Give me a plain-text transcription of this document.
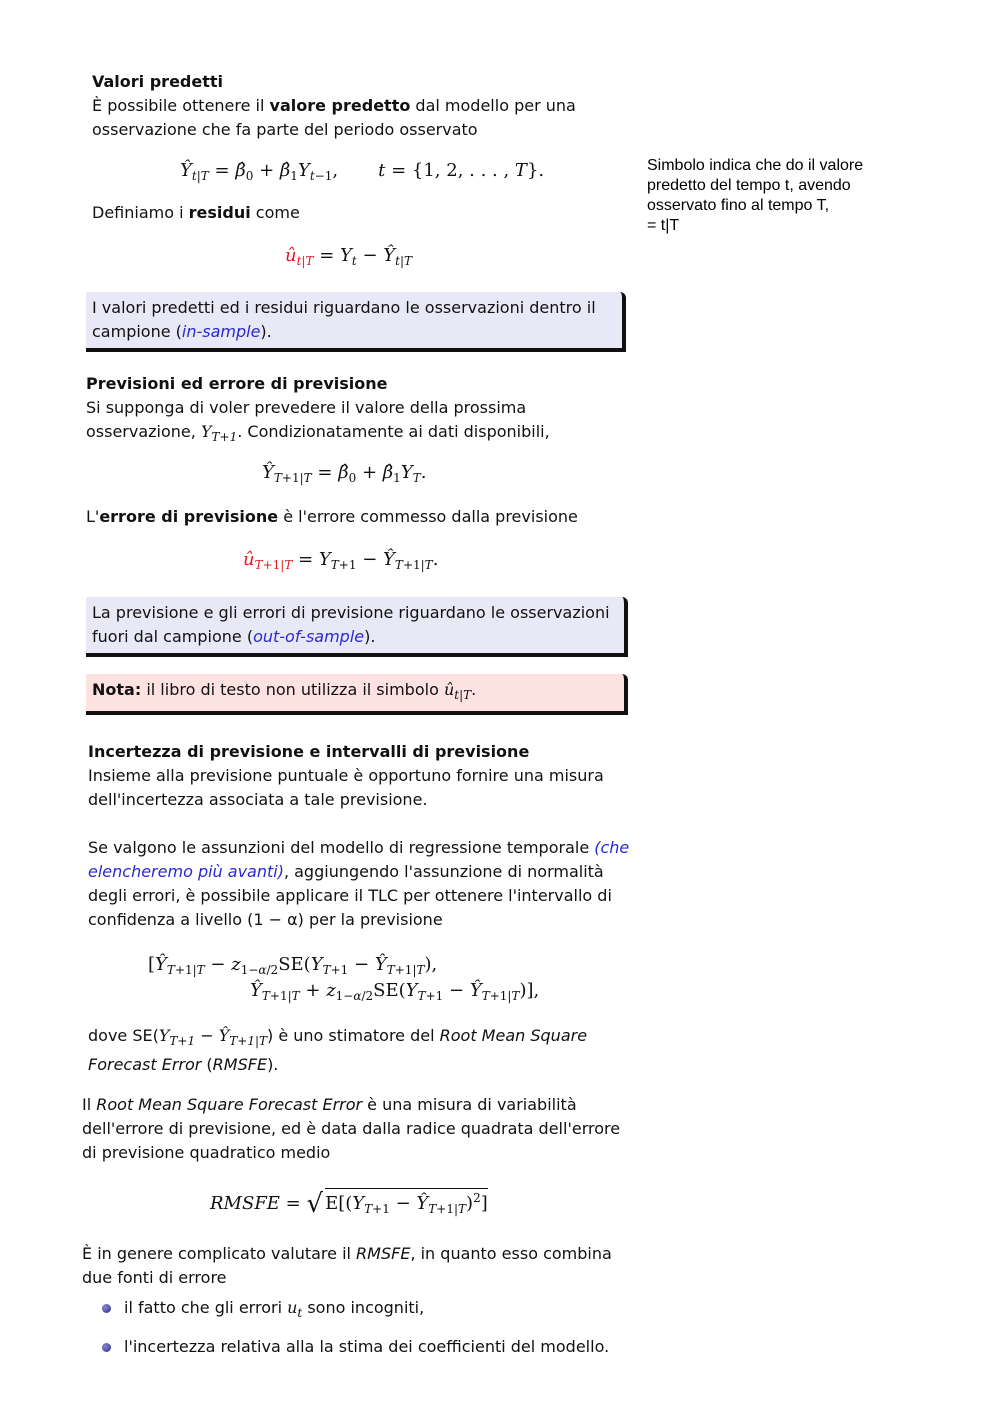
Valori predetti

È possibile ottenere il valore predetto dal modello per una osservazione che fa parte del periodo osservato

$Ŷ_{t|T}$ = $\betâ_0$ + $\betâ_1Y_{t-1}$,       t = {1, 2, . . . , T}.

Definiamo i residui come

$û_{t|T} = Y_t$ − $Ŷ_{t|T}$
I valori predetti ed i residui riguardano le osservazioni dentro il campione (in-sample).
Simbolo indica che do il valore
predetto del tempo t, avendo
osservato fino al tempo T,
= t|T

Previsioni ed errore di previsione

Si supponga di voler prevedere il valore della prossima osservazione, $Y_{T+1}$. Condizionatamente ai dati disponibili,

$Ŷ_{T+1|T}$ = $\betâ_0$ + $\betâ_1Y_T$.

L'errore di previsione è l'errore commesso dalla previsione

$û_{T+1|T} = Y_{T+1}$ − $Ŷ_{T+1|T}$.
La previsione e gli errori di previsione riguardano le osservazioni fuori dal campione (out-of-sample).
Nota: il libro di testo non utilizza il simbolo $û_{t|T}$.

Incertezza di previsione e intervalli di previsione

Insieme alla previsione puntuale è opportuno fornire una misura dell'incertezza associata a tale previsione.

Se valgono le assunzioni del modello di regressione temporale (che elencheremo più avanti), aggiungendo l'assunzione di normalità degli errori, è possibile applicare il TLC per ottenere l'intervallo di confidenza a livello (1 − α) per la previsione

[$Ŷ_{T+1|T} - z_{1-\alpha/2}SE(Y_{T+1}$ − $Ŷ_{T+1|T}$),
$Ŷ_{T+1|T} + z_{1-\alpha/2}SE(Y_{T+1}$ − $Ŷ_{T+1|T}$)],

dove $SE(Y_{T+1}$ − $Ŷ_{T+1|T}$) è uno stimatore del Root Mean Square Forecast Error (RMSFE).

Il Root Mean Square Forecast Error è una misura di variabilità dell'errore di previsione, ed è data dalla radice quadrata dell'errore di previsione quadratico medio

RMSFE = √ $E[(Y_{T+1}$ − $Ŷ_{T+1|T})^2$]

È in genere complicato valutare il RMSFE, in quanto esso combina due fonti di errore

il fatto che gli errori $u_t$ sono incogniti,
l'incertezza relativa alla la stima dei coefficienti del modello.
